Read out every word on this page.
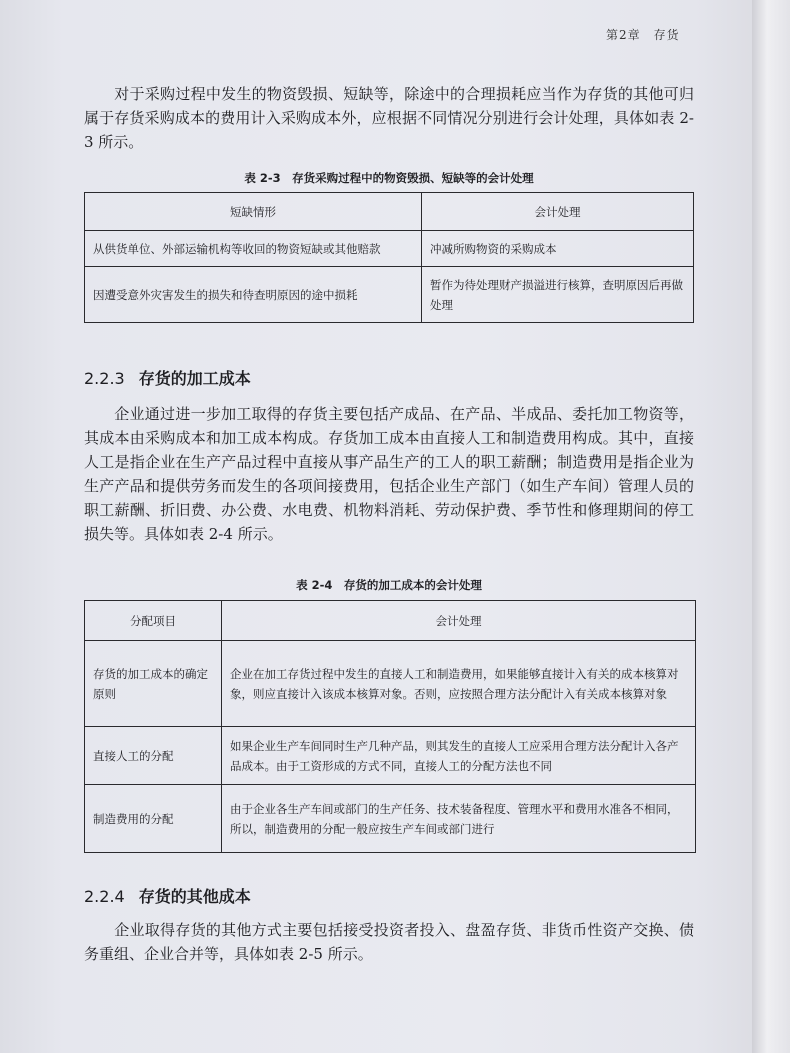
第2章　存货

对于采购过程中发生的物资毁损、短缺等，除途中的合理损耗应当作为存货的其他可归属于存货采购成本的费用计入采购成本外，应根据不同情况分别进行会计处理，具体如表 2-3 所示。

表 2-3　存货采购过程中的物资毁损、短缺等的会计处理

短缺情形	会计处理
从供货单位、外部运输机构等收回的物资短缺或其他赔款	冲减所购物资的采购成本
因遭受意外灾害发生的损失和待查明原因的途中损耗	暂作为待处理财产损溢进行核算，查明原因后再做处理
2.2.3 存货的加工成本

企业通过进一步加工取得的存货主要包括产成品、在产品、半成品、委托加工物资等，其成本由采购成本和加工成本构成。存货加工成本由直接人工和制造费用构成。其中，直接人工是指企业在生产产品过程中直接从事产品生产的工人的职工薪酬；制造费用是指企业为生产产品和提供劳务而发生的各项间接费用，包括企业生产部门（如生产车间）管理人员的职工薪酬、折旧费、办公费、水电费、机物料消耗、劳动保护费、季节性和修理期间的停工损失等。具体如表 2-4 所示。

表 2-4　存货的加工成本的会计处理

分配项目	会计处理
存货的加工成本的确定原则	企业在加工存货过程中发生的直接人工和制造费用，如果能够直接计入有关的成本核算对象，则应直接计入该成本核算对象。否则，应按照合理方法分配计入有关成本核算对象
直接人工的分配	如果企业生产车间同时生产几种产品，则其发生的直接人工应采用合理方法分配计入各产品成本。由于工资形成的方式不同，直接人工的分配方法也不同
制造费用的分配	由于企业各生产车间或部门的生产任务、技术装备程度、管理水平和费用水准各不相同，所以，制造费用的分配一般应按生产车间或部门进行
2.2.4 存货的其他成本

企业取得存货的其他方式主要包括接受投资者投入、盘盈存货、非货币性资产交换、债务重组、企业合并等，具体如表 2-5 所示。
